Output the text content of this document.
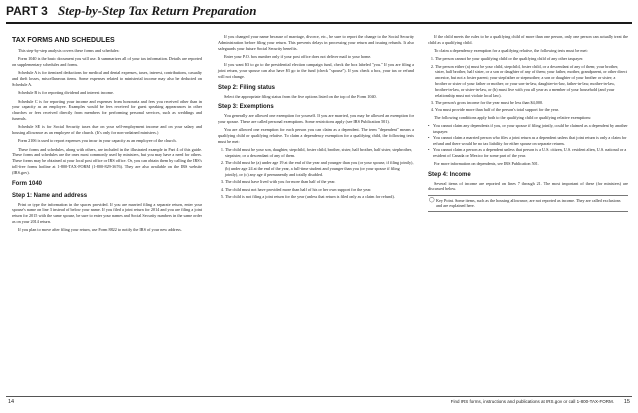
PART 3 Step-by-Step Tax Return Preparation
TAX FORMS AND SCHEDULES

This step-by-step analysis covers these forms and schedules:

Form 1040 is the basic document you will use. It summarizes all of your tax information. Details are reported on supplementary schedules and forms.

Schedule A is for itemized deductions for medical and dental expenses, taxes, interest, contributions, casualty and theft losses, miscellaneous items. Some expenses related to ministerial income may also be deducted on Schedule A.

Schedule B is for reporting dividend and interest income.

Schedule C is for reporting your income and expenses from honoraria and fees you received other than in your capacity as an employee. Examples would be fees received for guest speaking appearances in other churches or fees received directly from members for performing personal services, such as weddings and funerals.

Schedule SE is for Social Security taxes due on your self-employment income and on your salary and housing allowance as an employee of the church. (It's only for non-ordained ministers.)

Form 2106 is used to report expenses you incur in your capacity as an employee of the church.

These forms and schedules, along with others, are included in the illustrated example in Part 4 of this guide. These forms and schedules are the ones most commonly used by ministers, but you may have a need for others. These forms may be obtained at your local post office or IRS office. Or, you can obtain them by calling the IRS's toll-free forms hotline at 1-800-TAX-FORM (1-800-829-3676). They are also available on the IRS website (IRS.gov).

Form 1040
Step 1: Name and address

Print or type the information in the spaces provided. If you are married filing a separate return, enter your spouse's name on line 3 instead of below your name. If you filed a joint return for 2014 and you are filing a joint return for 2015 with the same spouse, be sure to enter your names and Social Security numbers in the same order as on your 2014 return.

If you plan to move after filing your return, use Form 8822 to notify the IRS of your new address.

If you changed your name because of marriage, divorce, etc., be sure to report the change to the Social Security Administration before filing your return. This prevents delays in processing your return and issuing refunds. It also safeguards your future Social Security benefits.

Enter your P.O. box number only if your post office does not deliver mail to your home.

If you want $3 to go to the presidential election campaign fund, check the box labeled "you." If you are filing a joint return, your spouse can also have $3 go to the fund (check "spouse"). If you check a box, your tax or refund will not change.

Step 2: Filing status

Select the appropriate filing status from the five options listed on the top of the Form 1040.

Step 3: Exemptions

You generally are allowed one exemption for yourself. If you are married, you may be allowed an exemption for your spouse. These are called personal exemptions. Some restrictions apply (see IRS Publication 501).

You are allowed one exemption for each person you can claim as a dependent. The term "dependent" means a qualifying child or qualifying relative. To claim a dependency exemption for a qualifying child, the following tests must be met:

1. The child must be your son, daughter, stepchild, foster child, brother, sister, half brother, half sister, stepbrother, stepsister, or a descendant of any of them.
2. The child must be (a) under age 19 at the end of the year and younger than you (or your spouse, if filing jointly), (b) under age 24 at the end of the year, a full-time student and younger than you (or your spouse if filing jointly), or (c) any age if permanently and totally disabled.
3. The child must have lived with you for more than half of the year.
4. The child must not have provided more than half of his or her own support for the year.
5. The child is not filing a joint return for the year (unless that return is filed only as a claim for refund).

If the child meets the rules to be a qualifying child of more than one person, only one person can actually treat the child as a qualifying child.

To claim a dependency exemption for a qualifying relative, the following tests must be met:

1. The person cannot be your qualifying child or the qualifying child of any other taxpayer.
2. The person either (a) must be your child, stepchild, foster child, or a descendant of any of them; your brother, sister, half brother, half sister, or a son or daughter of any of them; your father, mother, grandparent, or other direct ancestor, but not a foster parent; your stepfather or stepmother; a son or daughter of your brother or sister; a brother or sister of your father or mother; or your son-in-law, daughter-in-law, father-in-law, mother-in-law, brother-in-law, or sister-in-law, or (b) must live with you all year as a member of your household (and your relationship must not violate local law).
3. The person's gross income for the year must be less than $4,000.
4. You must provide more than half of the person's total support for the year.

The following conditions apply both to the qualifying child or qualifying relative exemptions:

• You cannot claim any dependents if you, or your spouse if filing jointly, could be claimed as a dependent by another taxpayer.
• You cannot claim a married person who files a joint return as a dependent unless that joint return is only a claim for refund and there would be no tax liability for either spouse on separate returns.
• You cannot claim a person as a dependent unless that person is a U.S. citizen, U.S. resident alien, U.S. national or a resident of Canada or Mexico for some part of the year.

For more information on dependents, see IRS Publication 501.

Step 4: Income

Several items of income are reported on lines 7 through 21. The most important of these (for ministers) are discussed below.

◯ Key Point. Some items, such as the housing allowance, are not reported as income. They are called exclusions and are explained here.
14	Find IRS forms, instructions and publications at IRS.gov or call 1-800-TAX-FORM. 15
